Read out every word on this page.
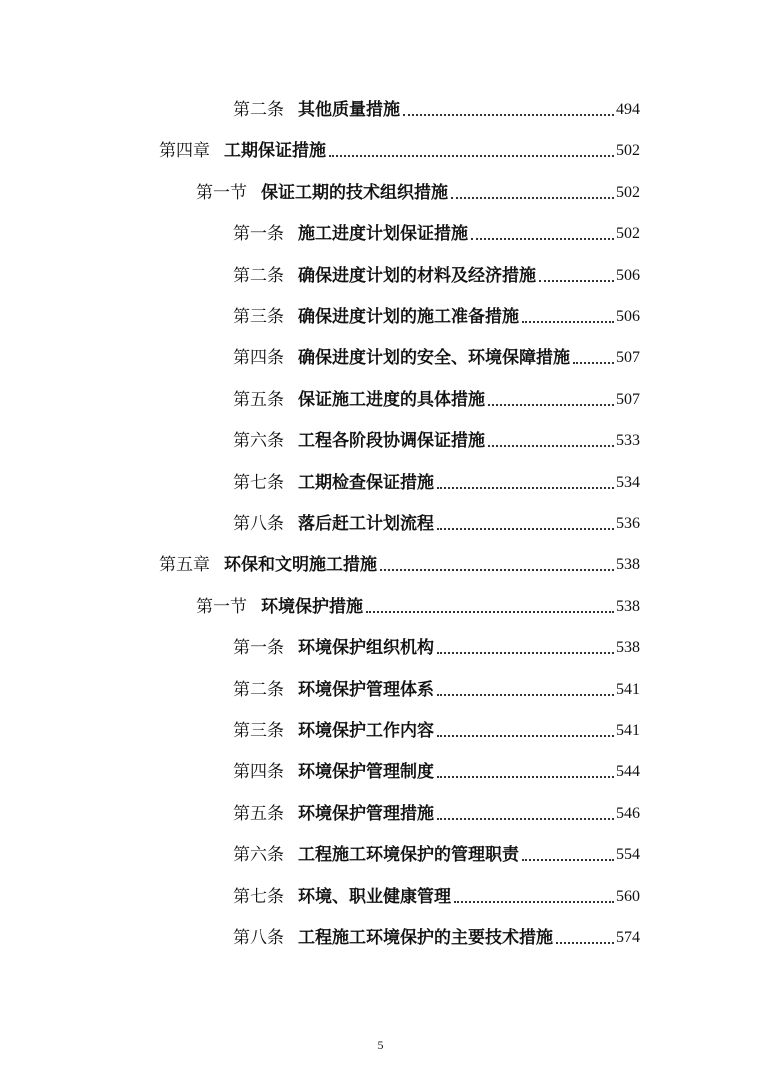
第二条 其他质量措施	494
第四章 工期保证措施	502
第一节 保证工期的技术组织措施	502
第一条 施工进度计划保证措施	502
第二条 确保进度计划的材料及经济措施	506
第三条 确保进度计划的施工准备措施	506
第四条 确保进度计划的安全、环境保障措施	507
第五条 保证施工进度的具体措施	507
第六条 工程各阶段协调保证措施	533
第七条 工期检查保证措施	534
第八条 落后赶工计划流程	536
第五章 环保和文明施工措施	538
第一节 环境保护措施	538
第一条 环境保护组织机构	538
第二条 环境保护管理体系	541
第三条 环境保护工作内容	541
第四条 环境保护管理制度	544
第五条 环境保护管理措施	546
第六条 工程施工环境保护的管理职责	554
第七条 环境、职业健康管理	560
第八条 工程施工环境保护的主要技术措施	574
5
